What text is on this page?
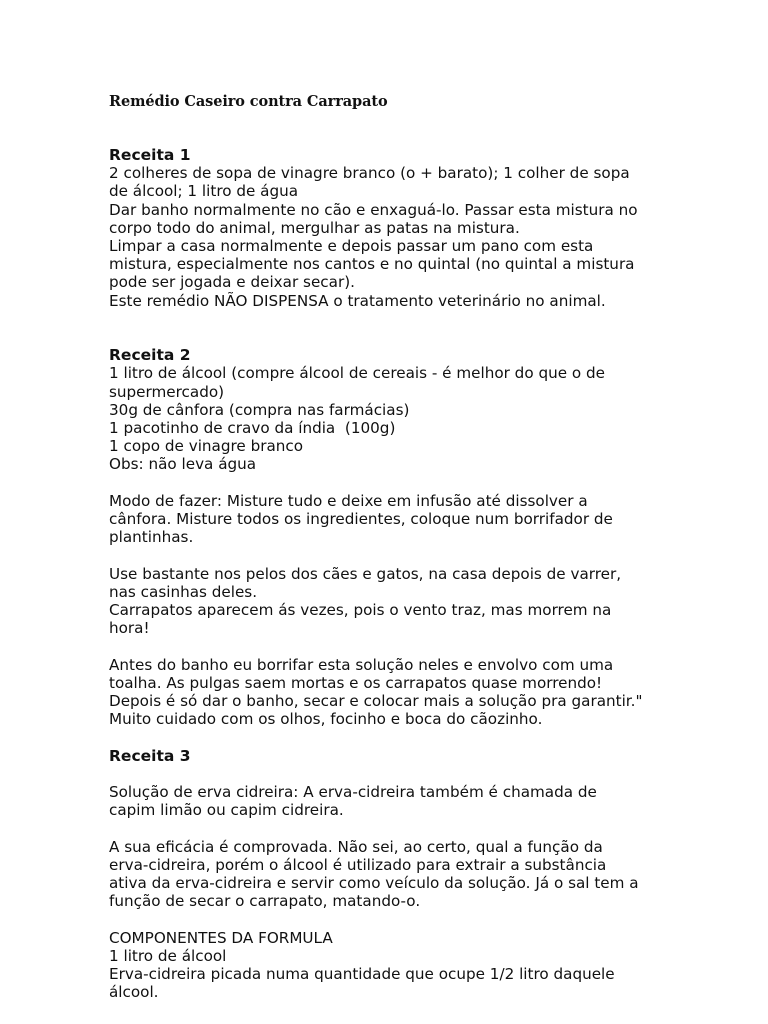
Remédio Caseiro contra Carrapato

Receita 1

2 colheres de sopa de vinagre branco (o + barato); 1 colher de sopa

de álcool; 1 litro de água

Dar banho normalmente no cão e enxaguá-lo. Passar esta mistura no

corpo todo do animal, mergulhar as patas na mistura.

Limpar a casa normalmente e depois passar um pano com esta

mistura, especialmente nos cantos e no quintal (no quintal a mistura

pode ser jogada e deixar secar).

Este remédio NÃO DISPENSA o tratamento veterinário no animal.

Receita 2

1 litro de álcool (compre álcool de cereais - é melhor do que o de

supermercado)

30g de cânfora (compra nas farmácias)

1 pacotinho de cravo da índia  (100g)

1 copo de vinagre branco

Obs: não leva água

Modo de fazer: Misture tudo e deixe em infusão até dissolver a

cânfora. Misture todos os ingredientes, coloque num borrifador de

plantinhas.

Use bastante nos pelos dos cães e gatos, na casa depois de varrer,

nas casinhas deles.

Carrapatos aparecem ás vezes, pois o vento traz, mas morrem na

hora!

Antes do banho eu borrifar esta solução neles e envolvo com uma

toalha. As pulgas saem mortas e os carrapatos quase morrendo!

Depois é só dar o banho, secar e colocar mais a solução pra garantir."

Muito cuidado com os olhos, focinho e boca do cãozinho.

Receita 3

Solução de erva cidreira: A erva-cidreira também é chamada de

capim limão ou capim cidreira.

A sua eficácia é comprovada. Não sei, ao certo, qual a função da

erva-cidreira, porém o álcool é utilizado para extrair a substância

ativa da erva-cidreira e servir como veículo da solução. Já o sal tem a

função de secar o carrapato, matando-o.

COMPONENTES DA FORMULA

1 litro de álcool

Erva-cidreira picada numa quantidade que ocupe 1/2 litro daquele

álcool.
